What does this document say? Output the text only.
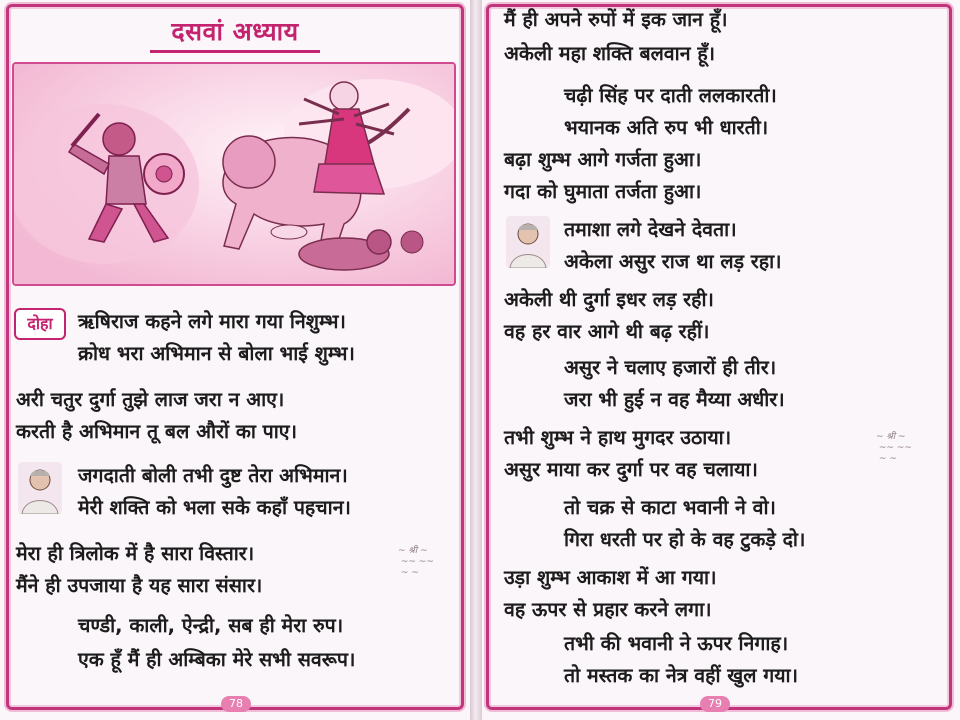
दसवां अध्याय
दोहा	ऋषिराज कहने लगे मारा गया निशुम्भ।
क्रोध भरा अभिमान से बोला भाई शुम्भ।
अरी चतुर दुर्गा तुझे लाज जरा न आए।
करती है अभिमान तू बल औरों का पाए।
जगदाती बोली तभी दुष्ट तेरा अभिमान।
मेरी शक्ति को भला सके कहाँ पहचान।
मेरा ही त्रिलोक में है सारा विस्तार।
मैंने ही उपजाया है यह सारा संसार।
~ श्री ~
~~ ~~
~ ~
चण्डी, काली, ऐन्द्री, सब ही मेरा रुप।
एक हूँ मैं ही अम्बिका मेरे सभी सवरूप।
78
मैं ही अपने रुपों में इक जान हूँ।
अकेली महा शक्ति बलवान हूँ।
चढ़ी सिंह पर दाती ललकारती।
भयानक अति रुप भी धारती।
बढ़ा शुम्भ आगे गर्जता हुआ।
गदा को घुमाता तर्जता हुआ।
तमाशा लगे देखने देवता।
अकेला असुर राज था लड़ रहा।
अकेली थी दुर्गा इधर लड़ रही।
वह हर वार आगे थी बढ़ रहीं।
असुर ने चलाए हजारों ही तीर।
जरा भी हुई न वह मैय्या अधीर।
तभी शुम्भ ने हाथ मुगदर उठाया।
असुर माया कर दुर्गा पर वह चलाया।
~ श्री ~
~~ ~~
~ ~
तो चक्र से काटा भवानी ने वो।
गिरा धरती पर हो के वह टुकड़े दो।
उड़ा शुम्भ आकाश में आ गया।
वह ऊपर से प्रहार करने लगा।
तभी की भवानी ने ऊपर निगाह।
तो मस्तक का नेत्र वहीं खुल गया।
79
